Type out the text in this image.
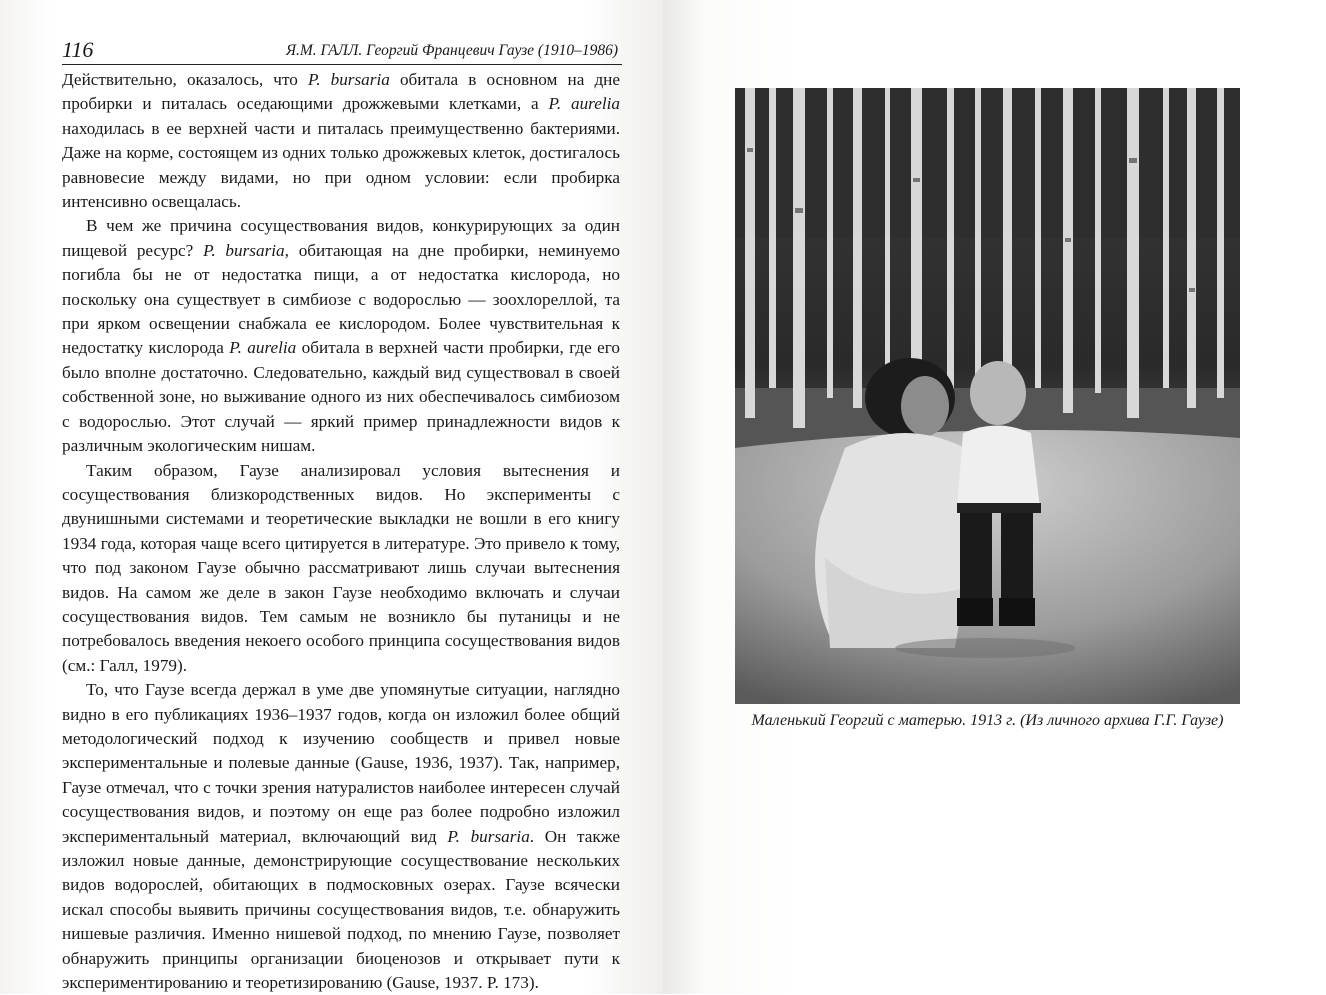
116	Я.М. ГАЛЛ. Георгий Францевич Гаузе (1910–1986)

Действительно, оказалось, что P. bursaria обитала в основном на дне пробирки и питалась оседающими дрожжевыми клетками, а P. aurelia находилась в ее верхней части и питалась преимущественно бактериями. Даже на корме, состоящем из одних только дрожжевых клеток, достигалось равновесие между видами, но при одном условии: если пробирка интенсивно освещалась.

В чем же причина сосуществования видов, конкурирующих за один пищевой ресурс? P. bursaria, обитающая на дне пробирки, неминуемо погибла бы не от недостатка пищи, а от недостатка кислорода, но поскольку она существует в симбиозе с водорослью — зоохлореллой, та при ярком освещении снабжала ее кислородом. Более чувствительная к недостатку кислорода P. aurelia обитала в верхней части пробирки, где его было вполне достаточно. Следовательно, каждый вид существовал в своей собственной зоне, но выживание одного из них обеспечивалось симбиозом с водорослью. Этот случай — яркий пример принадлежности видов к различным экологическим нишам.

Таким образом, Гаузе анализировал условия вытеснения и сосуществования близкородственных видов. Но эксперименты с двунишными системами и теоретические выкладки не вошли в его книгу 1934 года, которая чаще всего цитируется в литературе. Это привело к тому, что под законом Гаузе обычно рассматривают лишь случаи вытеснения видов. На самом же деле в закон Гаузе необходимо включать и случаи сосуществования видов. Тем самым не возникло бы путаницы и не потребовалось введения некоего особого принципа сосуществования видов (см.: Галл, 1979).

То, что Гаузе всегда держал в уме две упомянутые ситуации, наглядно видно в его публикациях 1936–1937 годов, когда он изложил более общий методологический подход к изучению сообществ и привел новые экспериментальные и полевые данные (Gause, 1936, 1937). Так, например, Гаузе отмечал, что с точки зрения натуралистов наиболее интересен случай сосуществования видов, и поэтому он еще раз более подробно изложил экспериментальный материал, включающий вид P. bursaria. Он также изложил новые данные, демонстрирующие сосуществование нескольких видов водорослей, обитающих в подмосковных озерах. Гаузе всячески искал способы выявить причины сосуществования видов, т.е. обнаружить нишевые различия. Именно нишевой подход, по мнению Гаузе, позволяет обнаружить принципы организации биоценозов и открывает пути к экспериментированию и теоретизированию (Gause, 1937. P. 173).

Маленький Георгий с матерью. 1913 г. (Из личного архива Г.Г. Гаузе)
